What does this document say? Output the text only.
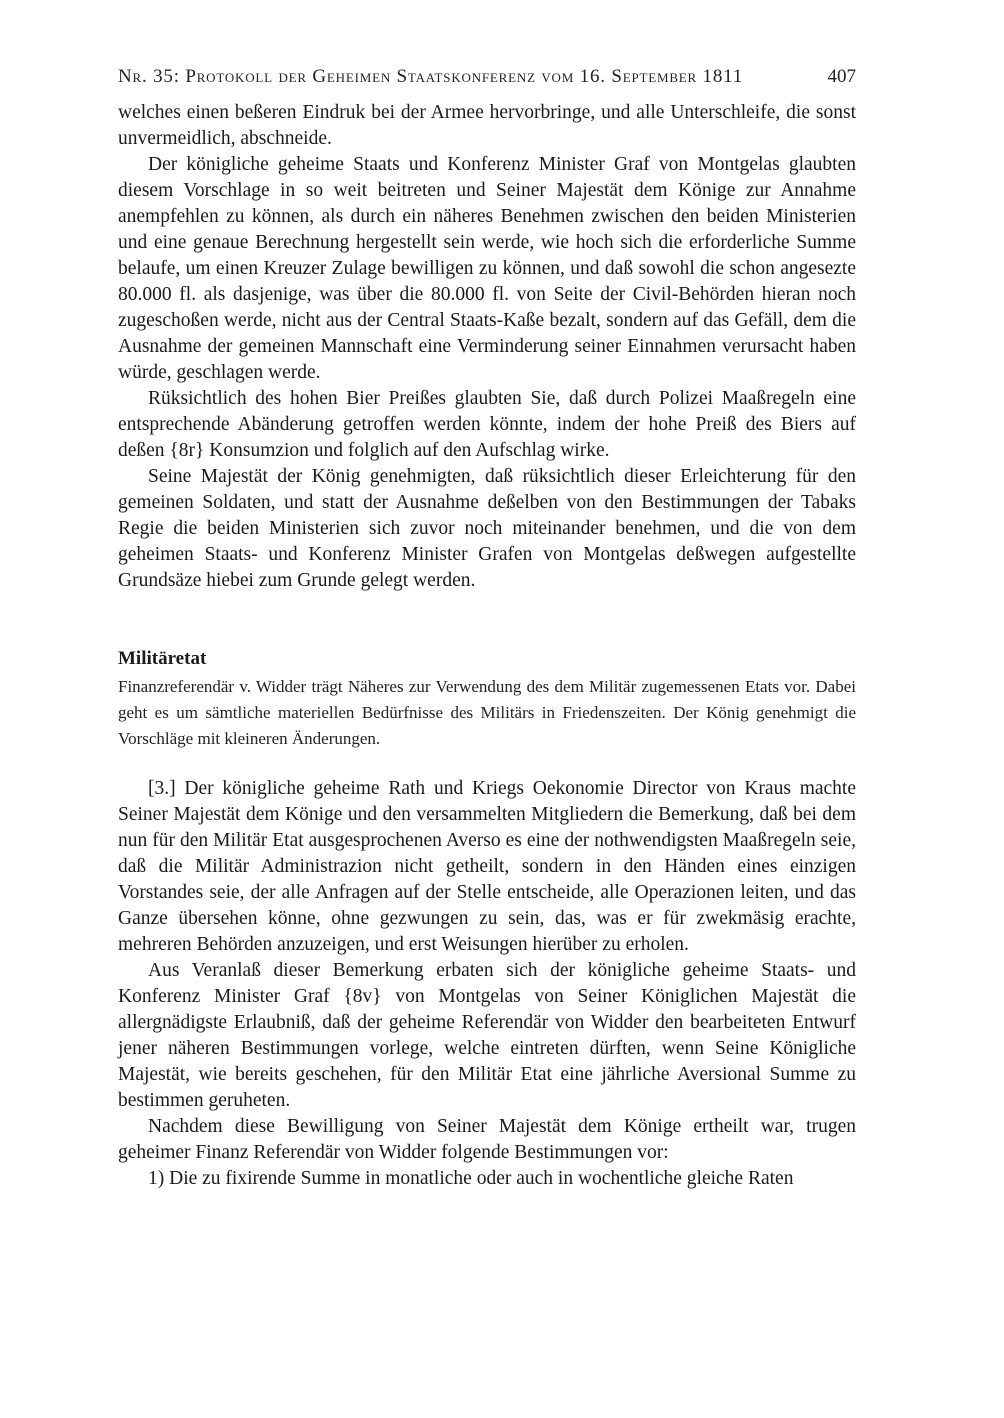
Nr. 35: Protokoll der Geheimen Staatskonferenz vom 16. September 1811	407

welches einen beßeren Eindruk bei der Armee hervorbringe, und alle Unterschleife, die sonst unvermeidlich, abschneide.

Der königliche geheime Staats und Konferenz Minister Graf von Montgelas glaubten diesem Vorschlage in so weit beitreten und Seiner Majestät dem Könige zur Annahme anempfehlen zu können, als durch ein näheres Benehmen zwischen den beiden Ministerien und eine genaue Berechnung hergestellt sein werde, wie hoch sich die erforderliche Summe belaufe, um einen Kreuzer Zulage bewilligen zu können, und daß sowohl die schon angesezte 80.000 fl. als dasjenige, was über die 80.000 fl. von Seite der Civil-Behörden hieran noch zugeschoßen werde, nicht aus der Central Staats-Kaße bezalt, sondern auf das Gefäll, dem die Ausnahme der gemeinen Mannschaft eine Verminderung seiner Einnahmen verursacht haben würde, geschlagen werde.

Rüksichtlich des hohen Bier Preißes glaubten Sie, daß durch Polizei Maaßregeln eine entsprechende Abänderung getroffen werden könnte, indem der hohe Preiß des Biers auf deßen {8r} Konsumzion und folglich auf den Aufschlag wirke.

Seine Majestät der König genehmigten, daß rüksichtlich dieser Erleichterung für den gemeinen Soldaten, und statt der Ausnahme deßelben von den Bestimmungen der Tabaks Regie die beiden Ministerien sich zuvor noch miteinander benehmen, und die von dem geheimen Staats- und Konferenz Minister Grafen von Montgelas deßwegen aufgestellte Grundsäze hiebei zum Grunde gelegt werden.

Militäretat
Finanzreferendär v. Widder trägt Näheres zur Verwendung des dem Militär zugemessenen Etats vor. Dabei geht es um sämtliche materiellen Bedürfnisse des Militärs in Friedenszeiten. Der König genehmigt die Vorschläge mit kleineren Änderungen.

[3.] Der königliche geheime Rath und Kriegs Oekonomie Director von Kraus machte Seiner Majestät dem Könige und den versammelten Mitgliedern die Bemerkung, daß bei dem nun für den Militär Etat ausgesprochenen Averso es eine der nothwendigsten Maaßregeln seie, daß die Militär Administrazion nicht getheilt, sondern in den Händen eines einzigen Vorstandes seie, der alle Anfragen auf der Stelle entscheide, alle Operazionen leiten, und das Ganze übersehen könne, ohne gezwungen zu sein, das, was er für zwekmäsig erachte, mehreren Behörden anzuzeigen, und erst Weisungen hierüber zu erholen.

Aus Veranlaß dieser Bemerkung erbaten sich der königliche geheime Staats- und Konferenz Minister Graf {8v} von Montgelas von Seiner Königlichen Majestät die allergnädigste Erlaubniß, daß der geheime Referendär von Widder den bearbeiteten Entwurf jener näheren Bestimmungen vorlege, welche eintreten dürften, wenn Seine Königliche Majestät, wie bereits geschehen, für den Militär Etat eine jährliche Aversional Summe zu bestimmen geruheten.

Nachdem diese Bewilligung von Seiner Majestät dem Könige ertheilt war, trugen geheimer Finanz Referendär von Widder folgende Bestimmungen vor:

1) Die zu fixirende Summe in monatliche oder auch in wochentliche gleiche Raten
